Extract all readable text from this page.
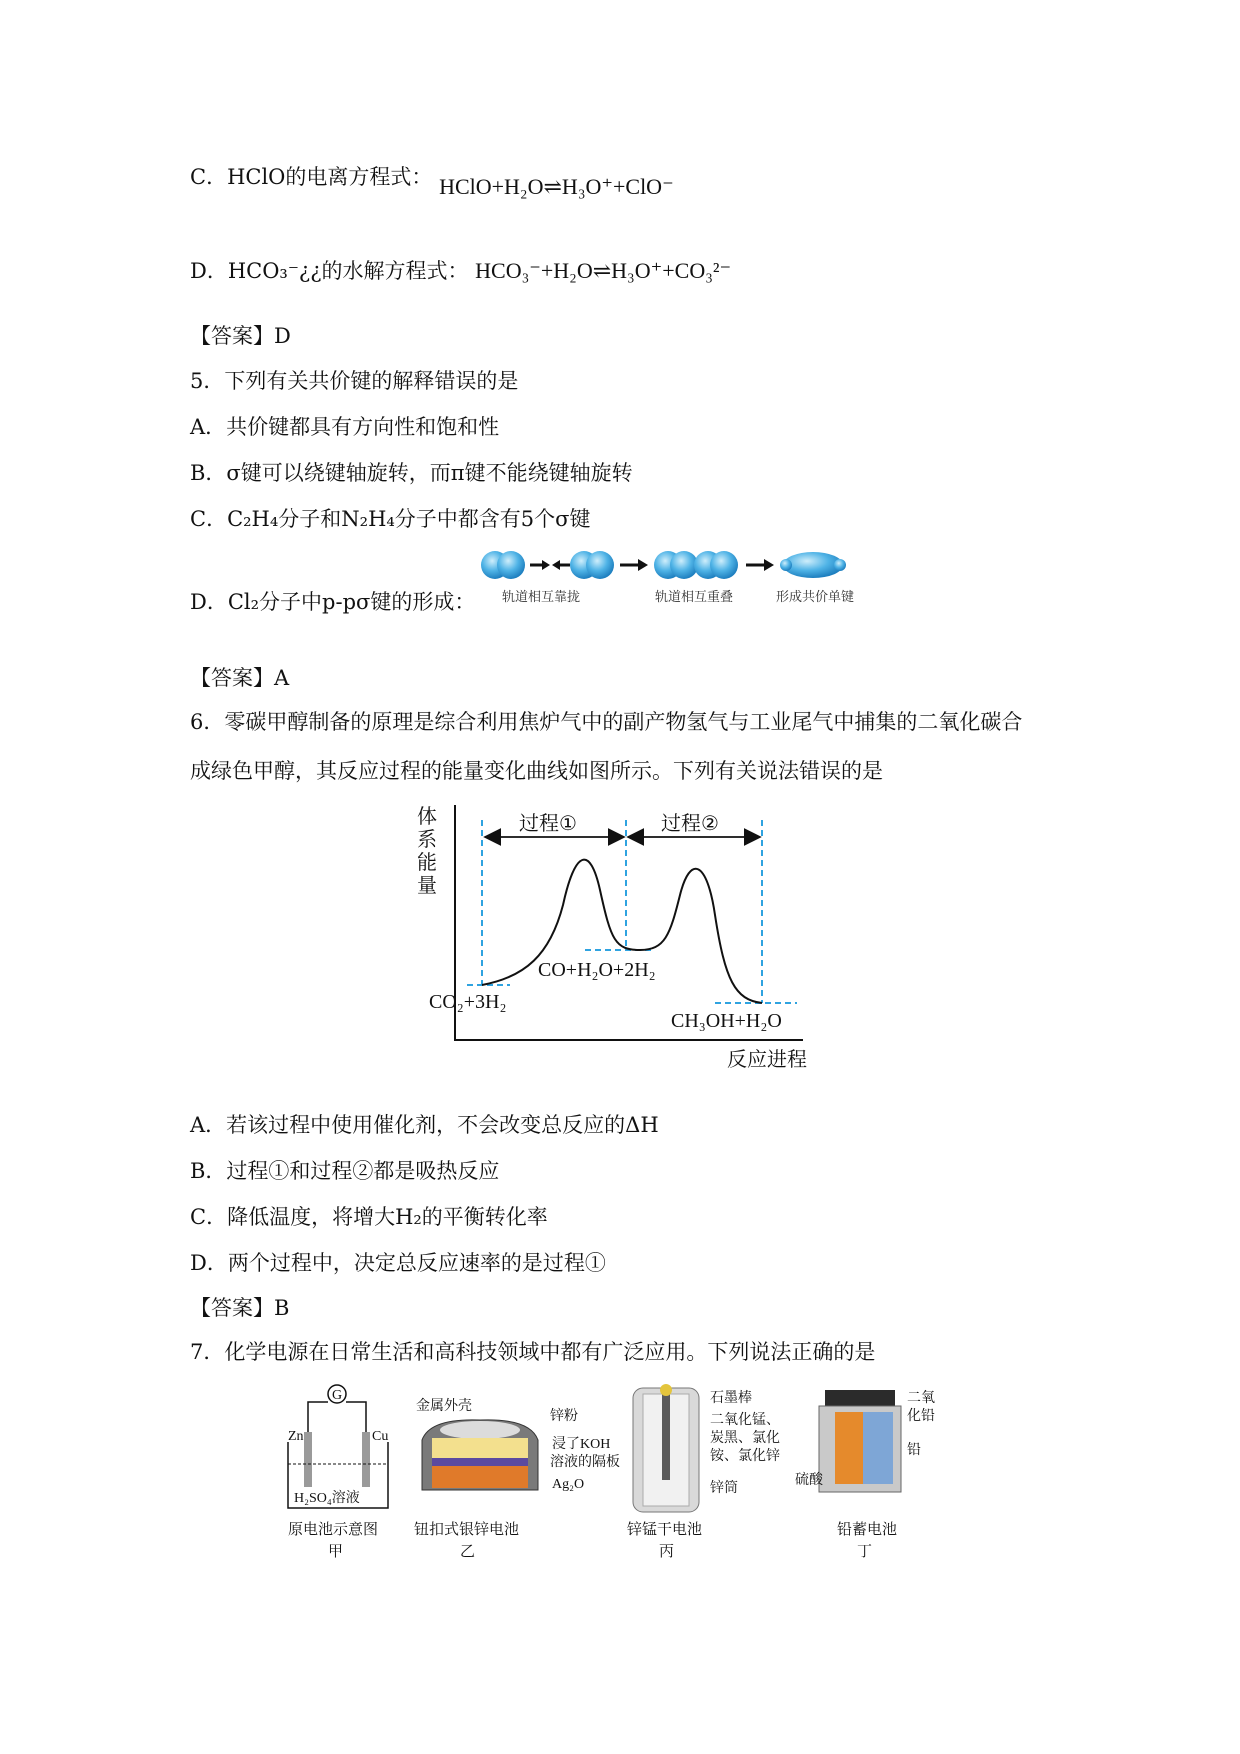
C．HClO的电离方程式： HClO+H₂O⇌H₃O⁺+ClO⁻
D．HCO₃⁻¿¿的水解方程式： HCO₃⁻+H₂O⇌H₃O⁺+CO₃²⁻
【答案】D
5．下列有关共价键的解释错误的是
A．共价键都具有方向性和饱和性
B．σ键可以绕键轴旋转，而π键不能绕键轴旋转
C．C₂H₄分子和N₂H₄分子中都含有5个σ键
D．Cl₂分子中p-pσ键的形成： 轨道相互靠拢	轨道相互重叠	形成共价单键
【答案】A
6．零碳甲醇制备的原理是综合利用焦炉气中的副产物氢气与工业尾气中捕集的二氧化碳合
成绿色甲醇，其反应过程的能量变化曲线如图所示。下列有关说法错误的是
体
系
能
量
反应进程
过程①	过程②
CO₂+3H₂
CO+H₂O+2H₂
CH₃OH+H₂O
A．若该过程中使用催化剂，不会改变总反应的ΔH
B．过程①和过程②都是吸热反应
C．降低温度，将增大H₂的平衡转化率
D．两个过程中，决定总反应速率的是过程①
【答案】B
7．化学电源在日常生活和高科技领域中都有广泛应用。下列说法正确的是
G
Zn	Cu
H₂SO₄溶液
原电池示意图
甲
金属外壳
锌粉
浸了KOH
溶液的隔板
Ag₂O
钮扣式银锌电池
乙
石墨棒
二氧化锰、
炭黑、氯化
铵、氯化锌
锌筒
锌锰干电池
丙
二氧
化铅
铅
硫酸
铅蓄电池
丁
